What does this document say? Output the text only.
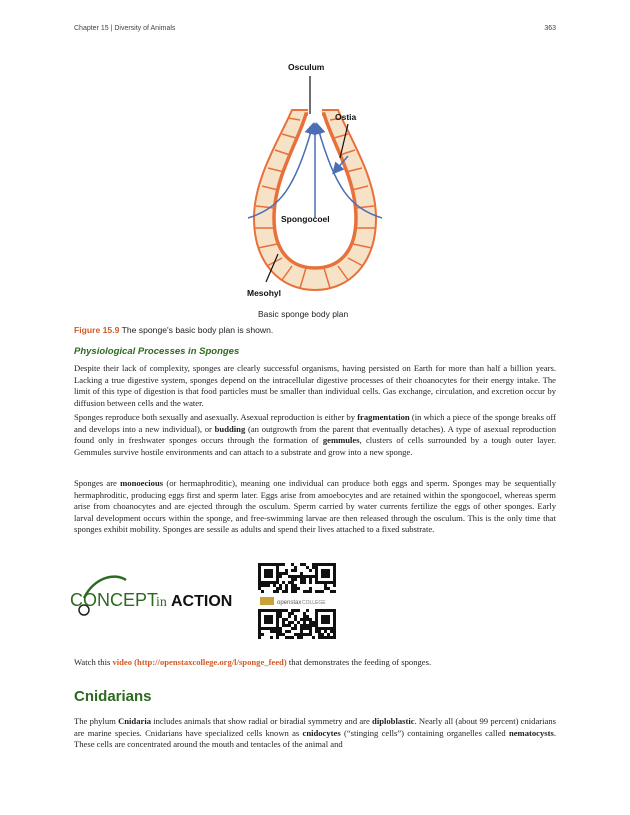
Chapter 15 | Diversity of Animals	363
Osculum
Ostia
Spongocoel
Mesohyl
Basic sponge body plan
Figure 15.9 The sponge's basic body plan is shown.
Physiological Processes in Sponges
Despite their lack of complexity, sponges are clearly successful organisms, having persisted on Earth for more than half a billion years. Lacking a true digestive system, sponges depend on the intracellular digestive processes of their choanocytes for their energy intake. The limit of this type of digestion is that food particles must be smaller than individual cells. Gas exchange, circulation, and excretion occur by diffusion between cells and the water.
Sponges reproduce both sexually and asexually. Asexual reproduction is either by fragmentation (in which a piece of the sponge breaks off and develops into a new individual), or budding (an outgrowth from the parent that eventually detaches). A type of asexual reproduction found only in freshwater sponges occurs through the formation of gemmules, clusters of cells surrounded by a tough outer layer. Gemmules survive hostile environments and can attach to a substrate and grow into a new sponge.
Sponges are monoecious (or hermaphroditic), meaning one individual can produce both eggs and sperm. Sponges may be sequentially hermaphroditic, producing eggs first and sperm later. Eggs arise from amoebocytes and are retained within the spongocoel, whereas sperm arise from choanocytes and are ejected through the osculum. Sperm carried by water currents fertilize the eggs of other sponges. Early larval development occurs within the sponge, and free-swimming larvae are then released through the osculum. This is the only time that sponges exhibit mobility. Sponges are sessile as adults and spend their lives attached to a fixed substrate.
CONCEPT
in ACTION	openstax COLLEGE
Watch this video (http://openstaxcollege.org/l/sponge_feed) that demonstrates the feeding of sponges.
Cnidarians
The phylum Cnidaria includes animals that show radial or biradial symmetry and are diploblastic. Nearly all (about 99 percent) cnidarians are marine species. Cnidarians have specialized cells known as cnidocytes (“stinging cells”) containing organelles called nematocysts. These cells are concentrated around the mouth and tentacles of the animal and
